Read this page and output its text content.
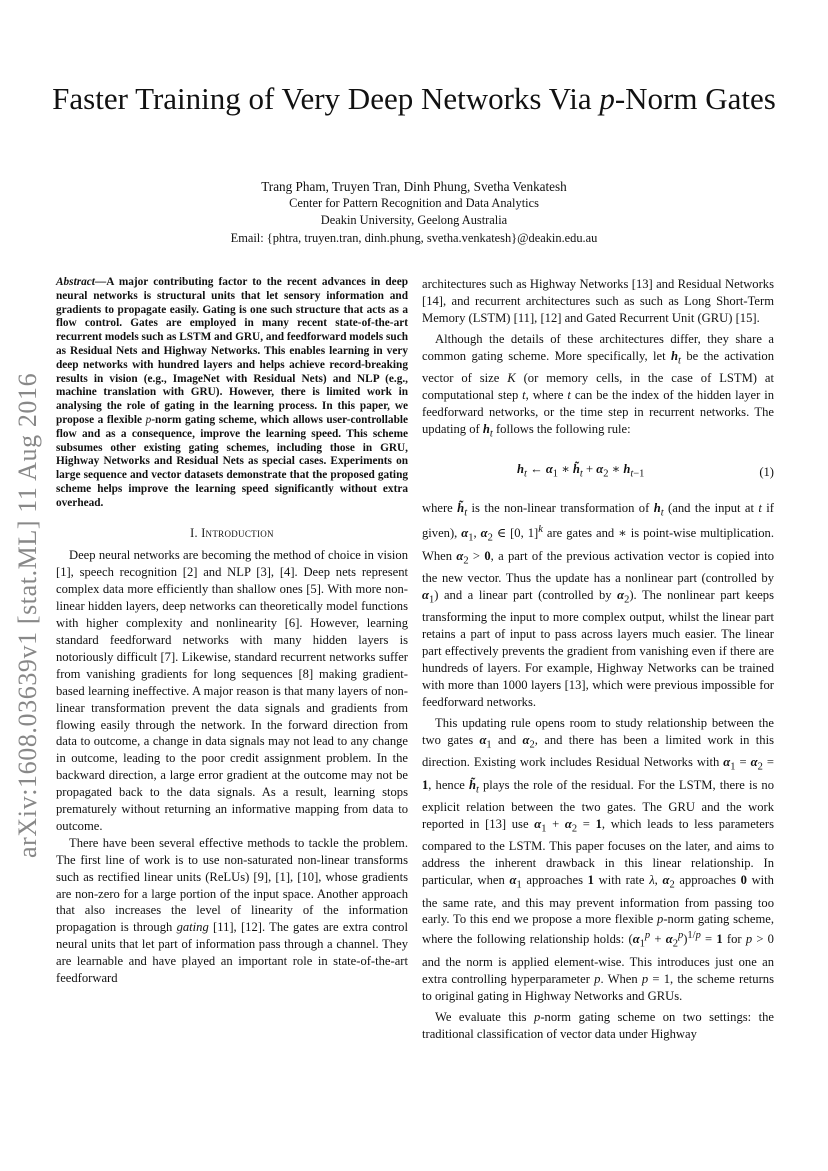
arXiv:1608.03639v1 [stat.ML] 11 Aug 2016
Faster Training of Very Deep Networks Via p-Norm Gates
Trang Pham, Truyen Tran, Dinh Phung, Svetha Venkatesh
Center for Pattern Recognition and Data Analytics
Deakin University, Geelong Australia
Email: {phtra, truyen.tran, dinh.phung, svetha.venkatesh}@deakin.edu.au

Abstract—A major contributing factor to the recent advances in deep neural networks is structural units that let sensory information and gradients to propagate easily. Gating is one such structure that acts as a flow control. Gates are employed in many recent state-of-the-art recurrent models such as LSTM and GRU, and feedforward models such as Residual Nets and Highway Networks. This enables learning in very deep networks with hundred layers and helps achieve record-breaking results in vision (e.g., ImageNet with Residual Nets) and NLP (e.g., machine translation with GRU). However, there is limited work in analysing the role of gating in the learning process. In this paper, we propose a flexible p-norm gating scheme, which allows user-controllable flow and as a consequence, improve the learning speed. This scheme subsumes other existing gating schemes, including those in GRU, Highway Networks and Residual Nets as special cases. Experiments on large sequence and vector datasets demonstrate that the proposed gating scheme helps improve the learning speed significantly without extra overhead.

I. Introduction

Deep neural networks are becoming the method of choice in vision [1], speech recognition [2] and NLP [3], [4]. Deep nets represent complex data more efficiently than shallow ones [5]. With more non-linear hidden layers, deep networks can theoretically model functions with higher complexity and nonlinearity [6]. However, learning standard feedforward networks with many hidden layers is notoriously difficult [7]. Likewise, standard recurrent networks suffer from vanishing gradients for long sequences [8] making gradient-based learning ineffective. A major reason is that many layers of non-linear transformation prevent the data signals and gradients from flowing easily through the network. In the forward direction from data to outcome, a change in data signals may not lead to any change in outcome, leading to the poor credit assignment problem. In the backward direction, a large error gradient at the outcome may not be propagated back to the data signals. As a result, learning stops prematurely without returning an informative mapping from data to outcome.

There have been several effective methods to tackle the problem. The first line of work is to use non-saturated non-linear transforms such as rectified linear units (ReLUs) [9], [1], [10], whose gradients are non-zero for a large portion of the input space. Another approach that also increases the level of linearity of the information propagation is through gating [11], [12]. The gates are extra control neural units that let part of information pass through a channel. They are learnable and have played an important role in state-of-the-art feedforward

architectures such as Highway Networks [13] and Residual Networks [14], and recurrent architectures such as such as Long Short-Term Memory (LSTM) [11], [12] and Gated Recurrent Unit (GRU) [15].

Although the details of these architectures differ, they share a common gating scheme. More specifically, let $h_t$ be the activation vector of size K (or memory cells, in the case of LSTM) at computational step t, where t can be the index of the hidden layer in feedforward networks, or the time step in recurrent networks. The updating of $h_t$ follows the following rule:

$h_t$ ← $\alpha_1$ ∗ $h̃_t + \alpha_2$ ∗ $h_{t-1}$	(1)

where $h̃_t$ is the non-linear transformation of $h_t$ (and the input at t if given), $\alpha_1$, $\alpha_2$ ∈ [0, 1]$^k$ are gates and ∗ is point-wise multiplication. When $\alpha_2 > 0$, a part of the previous activation vector is copied into the new vector. Thus the update has a nonlinear part (controlled by $\alpha_1$) and a linear part (controlled by $\alpha_2$). The nonlinear part keeps transforming the input to more complex output, whilst the linear part retains a part of input to pass across layers much easier. The linear part effectively prevents the gradient from vanishing even if there are hundreds of layers. For example, Highway Networks can be trained with more than 1000 layers [13], which were previous impossible for feedforward networks.

This updating rule opens room to study relationship between the two gates $\alpha_1$ and $\alpha_2$, and there has been a limited work in this direction. Existing work includes Residual Networks with $\alpha_1 = \alpha_2 = 1$, hence $h̃_t$ plays the role of the residual. For the LSTM, there is no explicit relation between the two gates. The GRU and the work reported in [13] use $\alpha_1 + \alpha_2 = 1$, which leads to less parameters compared to the LSTM. This paper focuses on the later, and aims to address the inherent drawback in this linear relationship. In particular, when $\alpha_1$ approaches 1 with rate λ, $\alpha_2$ approaches 0 with the same rate, and this may prevent information from passing too early. To this end we propose a more flexible p-norm gating scheme, where the following relationship holds: $(\alpha_1^p + \alpha_2^p)^{1/p} = 1$ for p > 0 and the norm is applied element-wise. This introduces just one an extra controlling hyperparameter p. When p = 1, the scheme returns to original gating in Highway Networks and GRUs.

We evaluate this p-norm gating scheme on two settings: the traditional classification of vector data under Highway
